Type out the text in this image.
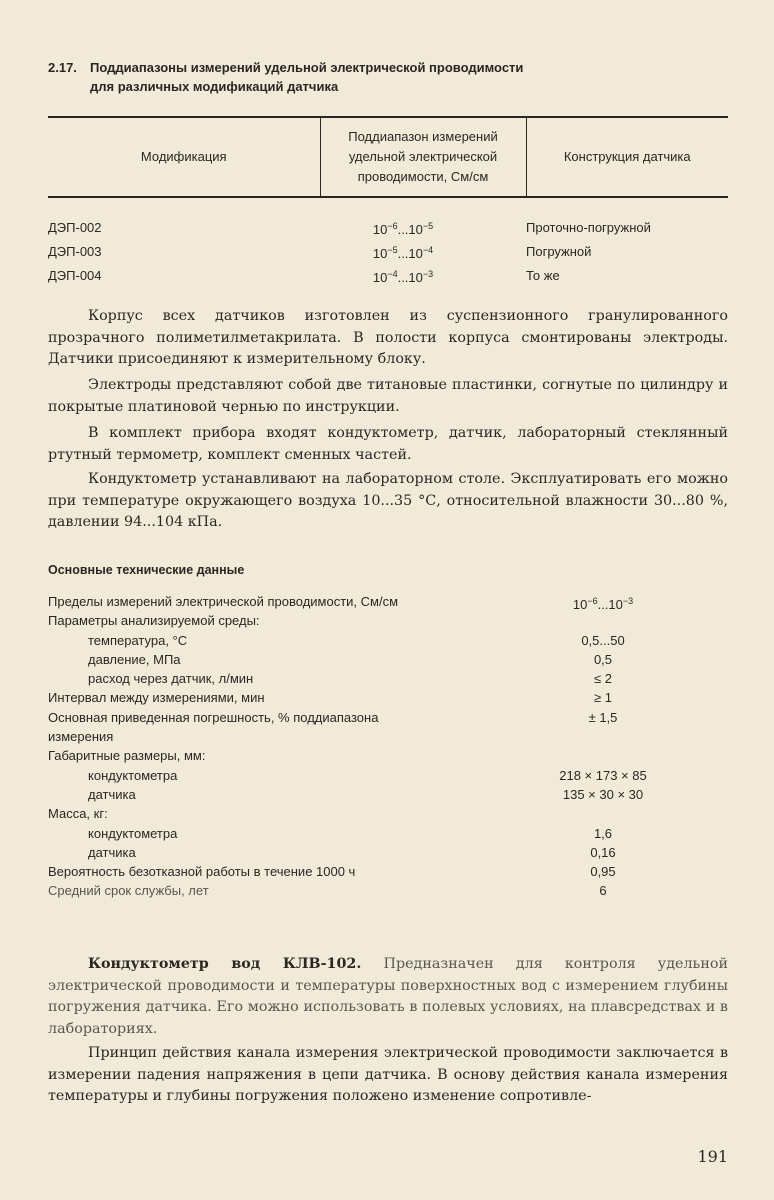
2.17. Поддиапазоны измерений удельной электрической проводимости
для различных модификаций датчика
Модификация	Поддиапазон измерений удельной электрической проводимости, См/см	Конструкция датчика
ДЭП-002	$10^{-6}...10^{-5}$	Проточно-погружной
ДЭП-003	$10^{-5}...10^{-4}$	Погружной
ДЭП-004	$10^{-4}...10^{-3}$	То же

Корпус всех датчиков изготовлен из суспензионного гранулированного прозрачного полиметилметакрилата. В полости корпуса смонтированы электроды. Датчики присоединяют к измерительному блоку.

Электроды представляют собой две титановые пластинки, согнутые по цилиндру и покрытые платиновой чернью по инструкции.

В комплект прибора входят кондуктометр, датчик, лабораторный стеклянный ртутный термометр, комплект сменных частей.

Кондуктометр устанавливают на лабораторном столе. Эксплуатировать его можно при температуре окружающего воздуха 10...35 °С, относительной влажности 30...80 %, давлении 94...104 кПа.

Основные технические данные
Пределы измерений электрической проводимости, См/см	$10^{-6}...10^{-3}$
Параметры анализируемой среды:
температура, °С	0,5...50
давление, МПа	0,5
расход через датчик, л/мин	≤ 2
Интервал между измерениями, мин	≥ 1
Основная приведенная погрешность, % поддиапазона	± 1,5
измерения
Габаритные размеры, мм:
кондуктометра	218 × 173 × 85
датчика	135 × 30 × 30
Масса, кг:
кондуктометра	1,6
датчика	0,16
Вероятность безотказной работы в течение 1000 ч	0,95
Средний срок службы, лет	6

Кондуктометр вод КЛВ-102. Предназначен для контроля удельной электрической проводимости и температуры поверхностных вод с измерением глубины погружения датчика. Его можно использовать в полевых условиях, на плавсредствах и в лабораториях.

Принцип действия канала измерения электрической проводимости заключается в измерении падения напряжения в цепи датчика. В основу действия канала измерения температуры и глубины погружения положено изменение сопротивле-

191
